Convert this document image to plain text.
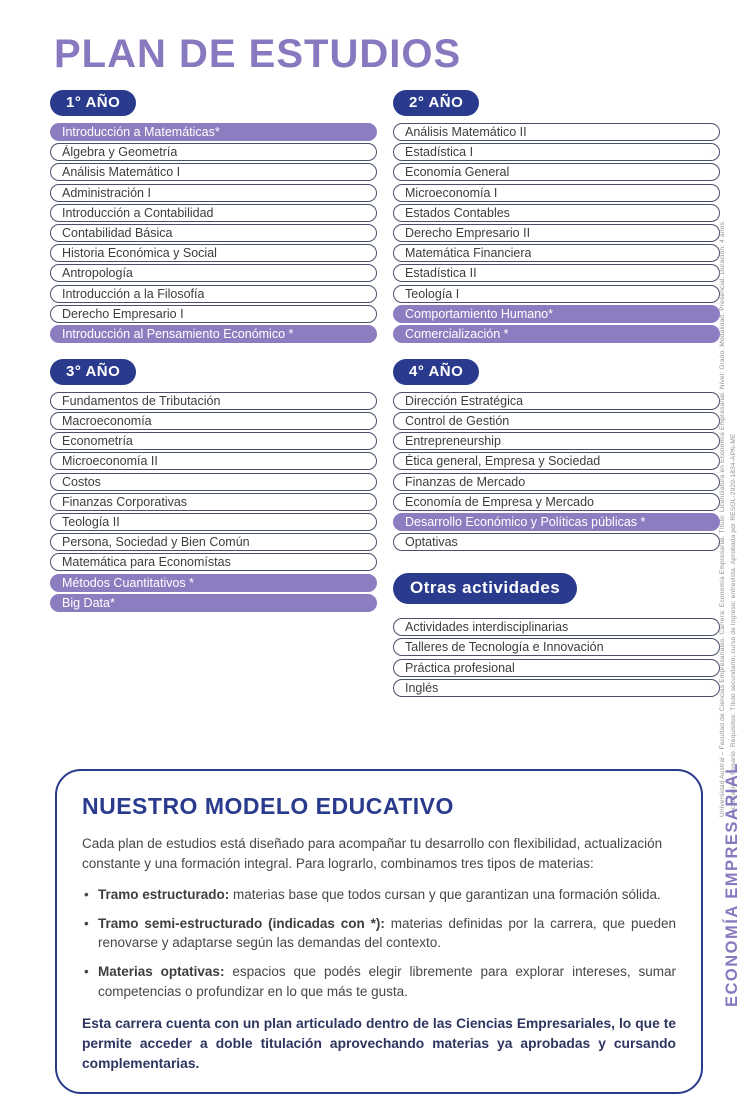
PLAN DE ESTUDIOS
1° AÑO
Introducción a Matemáticas*
Álgebra y Geometría
Análisis Matemático I
Administración I
Introducción a Contabilidad
Contabilidad Básica
Historia Económica y Social
Antropología
Introducción a la Filosofía
Derecho Empresario I
Introducción al Pensamiento Económico *
3° AÑO
Fundamentos de Tributación
Macroeconomía
Econometría
Microeconomía II
Costos
Finanzas Corporativas
Teología II
Persona, Sociedad y Bien Común
Matemática para Economístas
Métodos Cuantitativos *
Big Data*
2° AÑO
Análisis Matemático II
Estadística I
Economía General
Microeconomía I
Estados Contables
Derecho Empresario II
Matemática Financiera
Estadística II
Teología I
Comportamiento Humano*
Comercialización *
4° AÑO
Dirección Estratégica
Control de Gestión
Entrepreneurship
Ética general, Empresa y Sociedad
Finanzas de Mercado
Economía de Empresa y Mercado
Desarrollo Económico y Políticas públicas *
Optativas
Otras actividades
Actividades interdisciplinarias
Talleres de Tecnología e Innovación
Práctica profesional
Inglés
NUESTRO MODELO EDUCATIVO

Cada plan de estudios está diseñado para acompañar tu desarrollo con flexibilidad, actualización constante y una formación integral. Para lograrlo, combinamos tres tipos de materias:

• Tramo estructurado: materias base que todos cursan y que garantizan una formación sólida.
• Tramo semi-estructurado (indicadas con *): materias definidas por la carrera, que pueden renovarse y adaptarse según las demandas del contexto.
• Materias optativas: espacios que podés elegir libremente para explorar intereses, sumar competencias o profundizar en lo que más te gusta.

Esta carrera cuenta con un plan articulado dentro de las Ciencias Empresariales, lo que te permite acceder a doble titulación aprovechando materias ya aprobadas y cursando complementarias.

Universidad Austral – Facultad de Ciencias Empresariales. Carrera: Economía Empresarial. Título: Licenciatura en Economía Empresarial. Nivel: Grado. Modalidad: Presencial. Duración: 4 años. Localización: Rosario. Requisitos: Título secundario; curso de ingreso; entrevista. Aprobada por RESOL-2020-1834-APN-ME
ECONOMÍA EMPRESARIAL
